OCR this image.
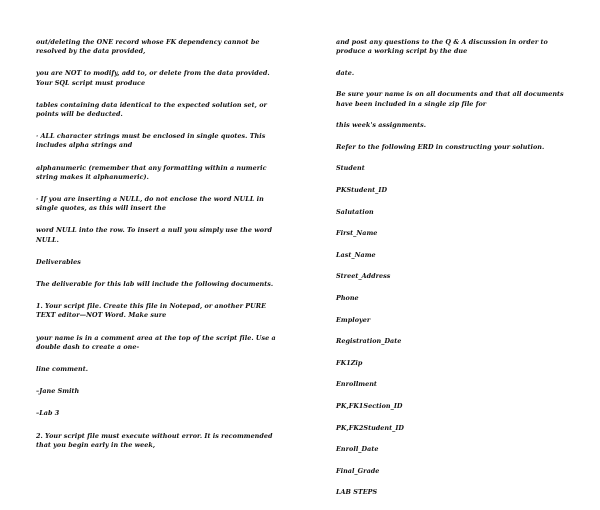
out/deleting the ONE record whose FK dependency cannot be resolved by the data provided,

you are NOT to modify, add to, or delete from the data provided. Your SQL script must produce

tables containing data identical to the expected solution set, or points will be deducted.

· ALL character strings must be enclosed in single quotes. This includes alpha strings and

alphanumeric (remember that any formatting within a numeric string makes it alphanumeric).

· If you are inserting a NULL, do not enclose the word NULL in single quotes, as this will insert the

word NULL into the row. To insert a null you simply use the word NULL.

Deliverables

The deliverable for this lab will include the following documents.

1. Your script file. Create this file in Notepad, or another PURE TEXT editor—NOT Word. Make sure

your name is in a comment area at the top of the script file. Use a double dash to create a one-

line comment.

–Jane Smith

–Lab 3

2. Your script file must execute without error. It is recommended that you begin early in the week,

and post any questions to the Q & A discussion in order to produce a working script by the due

date.

Be sure your name is on all documents and that all documents have been included in a single zip file for

this week's assignments.

Refer to the following ERD in constructing your solution.

Student

PKStudent_ID

Salutation

First_Name

Last_Name

Street_Address

Phone

Employer

Registration_Date

FK1Zip

Enrollment

PK,FK1Section_ID

PK,FK2Student_ID

Enroll_Date

Final_Grade

LAB STEPS
